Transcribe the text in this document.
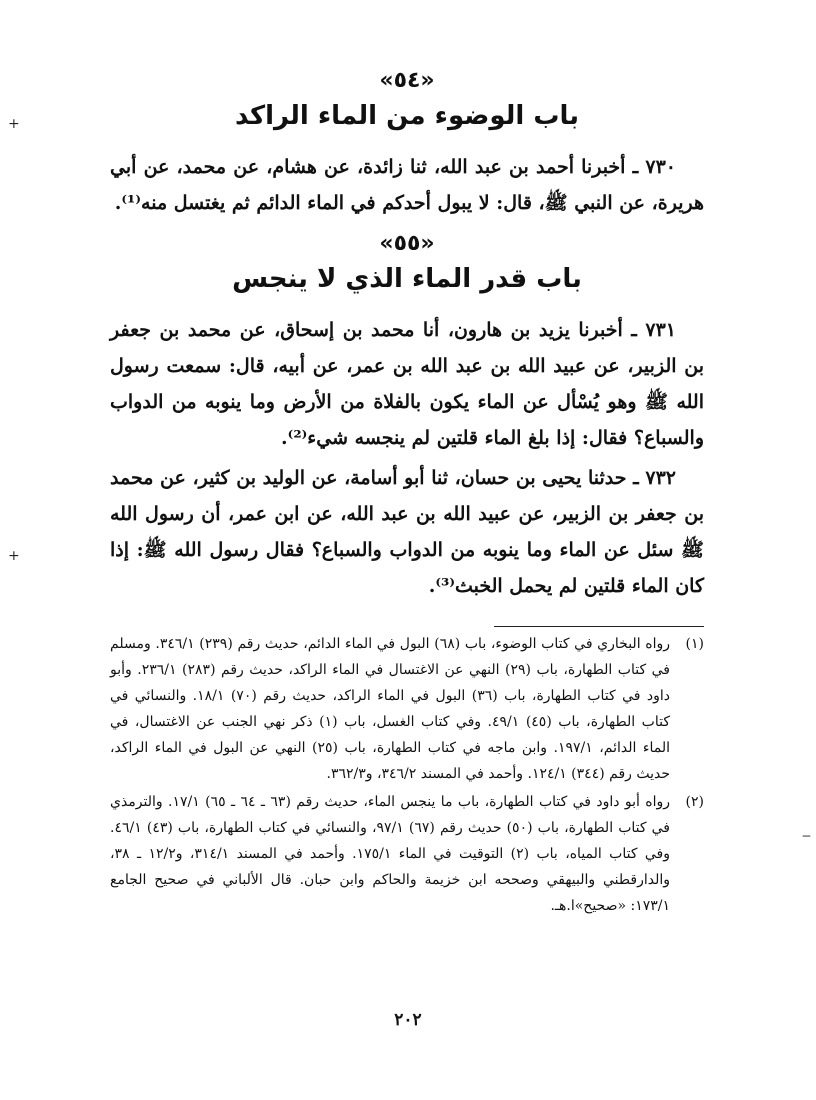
+
+
‒
«٥٤»
باب الوضوء من الماء الراكد

٧٣٠ ـ أخبرنا أحمد بن عبد الله، ثنا زائدة، عن هشام، عن محمد، عن أبي هريرة، عن النبي ﷺ، قال: لا يبول أحدكم في الماء الدائم ثم يغتسل منه⁽¹⁾.

«٥٥»
باب قدر الماء الذي لا ينجس

٧٣١ ـ أخبرنا يزيد بن هارون، أنا محمد بن إسحاق، عن محمد بن جعفر بن الزبير، عن عبيد الله بن عبد الله بن عمر، عن أبيه، قال: سمعت رسول الله ﷺ وهو يُسْأل عن الماء يكون بالفلاة من الأرض وما ينوبه من الدواب والسباع؟ فقال: إذا بلغ الماء قلتين لم ينجسه شيء⁽²⁾.

٧٣٢ ـ حدثنا يحيى بن حسان، ثنا أبو أسامة، عن الوليد بن كثير، عن محمد بن جعفر بن الزبير، عن عبيد الله بن عبد الله، عن ابن عمر، أن رسول الله ﷺ سئل عن الماء وما ينوبه من الدواب والسباع؟ فقال رسول الله ﷺ: إذا كان الماء قلتين لم يحمل الخبث⁽³⁾.

(١)
رواه البخاري في كتاب الوضوء، باب (٦٨) البول في الماء الدائم، حديث رقم (٢٣٩) ٣٤٦/١. ومسلم في كتاب الطهارة، باب (٢٩) النهي عن الاغتسال في الماء الراكد، حديث رقم (٢٨٣) ٢٣٦/١. وأبو داود في كتاب الطهارة، باب (٣٦) البول في الماء الراكد، حديث رقم (٧٠) ١٨/١. والنسائي في كتاب الطهارة، باب (٤٥) ٤٩/١. وفي كتاب الغسل، باب (١) ذكر نهي الجنب عن الاغتسال، في الماء الدائم، ١٩٧/١. وابن ماجه في كتاب الطهارة، باب (٢٥) النهي عن البول في الماء الراكد، حديث رقم (٣٤٤) ١٢٤/١. وأحمد في المسند ٣٤٦/٢، و٣٦٢/٣.

(٢)
رواه أبو داود في كتاب الطهارة، باب ما ينجس الماء، حديث رقم (٦٣ ـ ٦٤ ـ ٦٥) ١٧/١. والترمذي في كتاب الطهارة، باب (٥٠) حديث رقم (٦٧) ٩٧/١، والنسائي في كتاب الطهارة، باب (٤٣) ٤٦/١. وفي كتاب المياه، باب (٢) التوقيت في الماء ١٧٥/١. وأحمد في المسند ٣١٤/١، و١٢/٢ ـ ٣٨، والدارقطني والبيهقي وصححه ابن خزيمة والحاكم وابن حبان. قال الألباني في صحيح الجامع ١٧٣/١: «صحيح»ا.هـ.

٢٠٢
